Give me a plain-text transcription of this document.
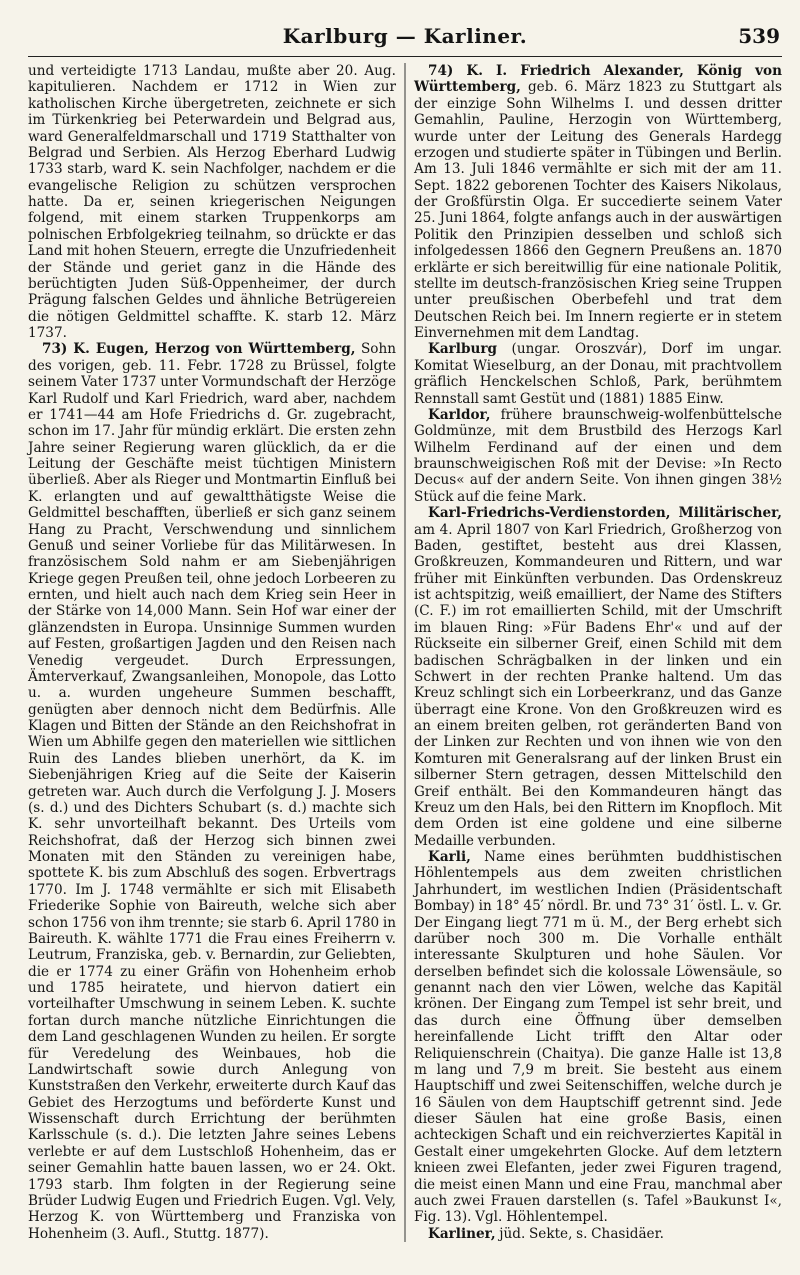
Karlburg — Karliner.	539

und verteidigte 1713 Landau, mußte aber 20. Aug. kapitulieren. Nachdem er 1712 in Wien zur katholischen Kirche übergetreten, zeichnete er sich im Türkenkrieg bei Peterwardein und Belgrad aus, ward Generalfeldmarschall und 1719 Statthalter von Belgrad und Serbien. Als Herzog Eberhard Ludwig 1733 starb, ward K. sein Nachfolger, nachdem er die evangelische Religion zu schützen versprochen hatte. Da er, seinen kriegerischen Neigungen folgend, mit einem starken Truppenkorps am polnischen Erbfolgekrieg teilnahm, so drückte er das Land mit hohen Steuern, erregte die Unzufriedenheit der Stände und geriet ganz in die Hände des berüchtigten Juden Süß-Oppenheimer, der durch Prägung falschen Geldes und ähnliche Betrügereien die nötigen Geldmittel schaffte. K. starb 12. März 1737.

73) K. Eugen, Herzog von Württemberg, Sohn des vorigen, geb. 11. Febr. 1728 zu Brüssel, folgte seinem Vater 1737 unter Vormundschaft der Herzöge Karl Rudolf und Karl Friedrich, ward aber, nachdem er 1741—44 am Hofe Friedrichs d. Gr. zugebracht, schon im 17. Jahr für mündig erklärt. Die ersten zehn Jahre seiner Regierung waren glücklich, da er die Leitung der Geschäfte meist tüchtigen Ministern überließ. Aber als Rieger und Montmartin Einfluß bei K. erlangten und auf gewaltthätigste Weise die Geldmittel beschafften, überließ er sich ganz seinem Hang zu Pracht, Verschwendung und sinnlichem Genuß und seiner Vorliebe für das Militärwesen. In französischem Sold nahm er am Siebenjährigen Kriege gegen Preußen teil, ohne jedoch Lorbeeren zu ernten, und hielt auch nach dem Krieg sein Heer in der Stärke von 14,000 Mann. Sein Hof war einer der glänzendsten in Europa. Unsinnige Summen wurden auf Festen, großartigen Jagden und den Reisen nach Venedig vergeudet. Durch Erpressungen, Ämterverkauf, Zwangsanleihen, Monopole, das Lotto u. a. wurden ungeheure Summen beschafft, genügten aber dennoch nicht dem Bedürfnis. Alle Klagen und Bitten der Stände an den Reichshofrat in Wien um Abhilfe gegen den materiellen wie sittlichen Ruin des Landes blieben unerhört, da K. im Siebenjährigen Krieg auf die Seite der Kaiserin getreten war. Auch durch die Verfolgung J. J. Mosers (s. d.) und des Dichters Schubart (s. d.) machte sich K. sehr unvorteilhaft bekannt. Des Urteils vom Reichshofrat, daß der Herzog sich binnen zwei Monaten mit den Ständen zu vereinigen habe, spottete K. bis zum Abschluß des sogen. Erbvertrags 1770. Im J. 1748 vermählte er sich mit Elisabeth Friederike Sophie von Baireuth, welche sich aber schon 1756 von ihm trennte; sie starb 6. April 1780 in Baireuth. K. wählte 1771 die Frau eines Freiherrn v. Leutrum, Franziska, geb. v. Bernardin, zur Geliebten, die er 1774 zu einer Gräfin von Hohenheim erhob und 1785 heiratete, und hiervon datiert ein vorteilhafter Umschwung in seinem Leben. K. suchte fortan durch manche nützliche Einrichtungen die dem Land geschlagenen Wunden zu heilen. Er sorgte für Veredelung des Weinbaues, hob die Landwirtschaft sowie durch Anlegung von Kunststraßen den Verkehr, erweiterte durch Kauf das Gebiet des Herzogtums und beförderte Kunst und Wissenschaft durch Errichtung der berühmten Karlsschule (s. d.). Die letzten Jahre seines Lebens verlebte er auf dem Lustschloß Hohenheim, das er seiner Gemahlin hatte bauen lassen, wo er 24. Okt. 1793 starb. Ihm folgten in der Regierung seine Brüder Ludwig Eugen und Friedrich Eugen. Vgl. Vely, Herzog K. von Württemberg und Franziska von Hohenheim (3. Aufl., Stuttg. 1877).

74) K. I. Friedrich Alexander, König von Württemberg, geb. 6. März 1823 zu Stuttgart als der einzige Sohn Wilhelms I. und dessen dritter Gemahlin, Pauline, Herzogin von Württemberg, wurde unter der Leitung des Generals Hardegg erzogen und studierte später in Tübingen und Berlin. Am 13. Juli 1846 vermählte er sich mit der am 11. Sept. 1822 geborenen Tochter des Kaisers Nikolaus, der Großfürstin Olga. Er succedierte seinem Vater 25. Juni 1864, folgte anfangs auch in der auswärtigen Politik den Prinzipien desselben und schloß sich infolgedessen 1866 den Gegnern Preußens an. 1870 erklärte er sich bereitwillig für eine nationale Politik, stellte im deutsch-französischen Krieg seine Truppen unter preußischen Oberbefehl und trat dem Deutschen Reich bei. Im Innern regierte er in stetem Einvernehmen mit dem Landtag.

Karlburg (ungar. Oroszvár), Dorf im ungar. Komitat Wieselburg, an der Donau, mit prachtvollem gräflich Henckelschen Schloß, Park, berühmtem Rennstall samt Gestüt und (1881) 1885 Einw.

Karldor, frühere braunschweig-wolfenbüttelsche Goldmünze, mit dem Brustbild des Herzogs Karl Wilhelm Ferdinand auf der einen und dem braunschweigischen Roß mit der Devise: »In Recto Decus« auf der andern Seite. Von ihnen gingen 38½ Stück auf die feine Mark.

Karl-Friedrichs-Verdienstorden, Militärischer, am 4. April 1807 von Karl Friedrich, Großherzog von Baden, gestiftet, besteht aus drei Klassen, Großkreuzen, Kommandeuren und Rittern, und war früher mit Einkünften verbunden. Das Ordenskreuz ist achtspitzig, weiß emailliert, der Name des Stifters (C. F.) im rot emaillierten Schild, mit der Umschrift im blauen Ring: »Für Badens Ehr'« und auf der Rückseite ein silberner Greif, einen Schild mit dem badischen Schrägbalken in der linken und ein Schwert in der rechten Pranke haltend. Um das Kreuz schlingt sich ein Lorbeerkranz, und das Ganze überragt eine Krone. Von den Großkreuzen wird es an einem breiten gelben, rot geränderten Band von der Linken zur Rechten und von ihnen wie von den Komturen mit Generalsrang auf der linken Brust ein silberner Stern getragen, dessen Mittelschild den Greif enthält. Bei den Kommandeuren hängt das Kreuz um den Hals, bei den Rittern im Knopfloch. Mit dem Orden ist eine goldene und eine silberne Medaille verbunden.

Karli, Name eines berühmten buddhistischen Höhlentempels aus dem zweiten christlichen Jahrhundert, im westlichen Indien (Präsidentschaft Bombay) in 18° 45′ nördl. Br. und 73° 31′ östl. L. v. Gr. Der Eingang liegt 771 m ü. M., der Berg erhebt sich darüber noch 300 m. Die Vorhalle enthält interessante Skulpturen und hohe Säulen. Vor derselben befindet sich die kolossale Löwensäule, so genannt nach den vier Löwen, welche das Kapitäl krönen. Der Eingang zum Tempel ist sehr breit, und das durch eine Öffnung über demselben hereinfallende Licht trifft den Altar oder Reliquienschrein (Chaitya). Die ganze Halle ist 13,8 m lang und 7,9 m breit. Sie besteht aus einem Hauptschiff und zwei Seitenschiffen, welche durch je 16 Säulen von dem Hauptschiff getrennt sind. Jede dieser Säulen hat eine große Basis, einen achteckigen Schaft und ein reichverziertes Kapitäl in Gestalt einer umgekehrten Glocke. Auf dem letztern knieen zwei Elefanten, jeder zwei Figuren tragend, die meist einen Mann und eine Frau, manchmal aber auch zwei Frauen darstellen (s. Tafel »Baukunst I«, Fig. 13). Vgl. Höhlentempel.

Karliner, jüd. Sekte, s. Chasidäer.
